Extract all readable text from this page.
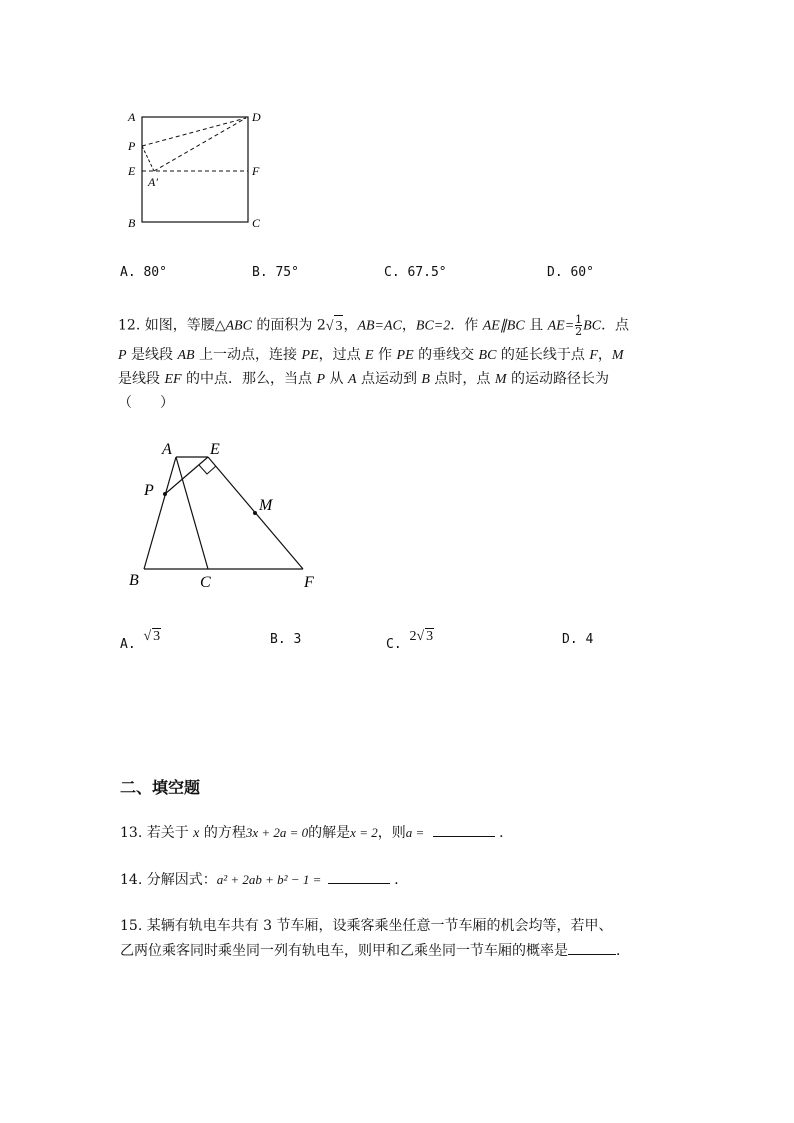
A	D
P
E
A′
F
B	C
A. 80°	B. 75°	C. 67.5°	D. 60°
12. 如图，等腰△ABC 的面积为 2√ 3，AB=AC，BC=2．作 AE∥BC 且 $AE= \frac{1}{2}$ BC．点
P 是线段 AB 上一动点，连接 PE，过点 E 作 PE 的垂线交 BC 的延长线于点 F，M
是线段 EF 的中点．那么，当点 P 从 A 点运动到 B 点时，点 M 的运动路径长为
（　　）
A E
P
M
B	C	F
A. √ 3	B. 3	C. 2√ 3	D. 4
二、填空题
13. 若关于 x 的方程3x + 2a = 0的解是x = 2，则a =	．
14. 分解因式：a² + 2ab + b² − 1 =	．
15. 某辆有轨电车共有 3 节车厢，设乘客乘坐任意一节车厢的机会均等，若甲、
乙两位乘客同时乘坐同一列有轨电车，则甲和乙乘坐同一节车厢的概率是	．
